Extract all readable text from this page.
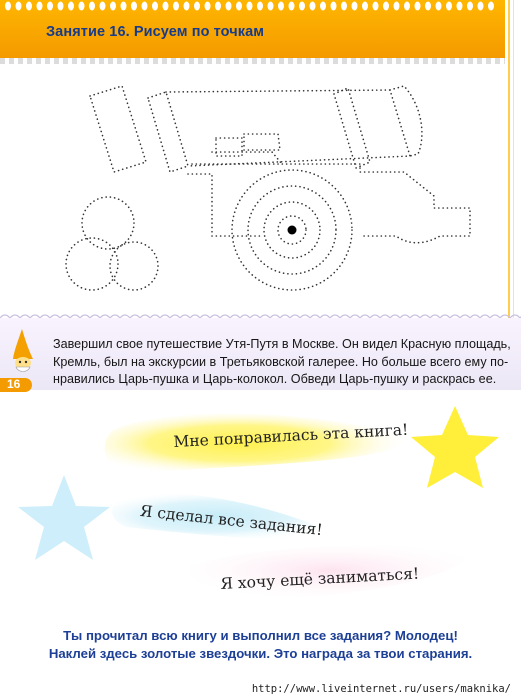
Занятие 16. Рисуем по точкам
16
Завершил свое путешествие Утя-Путя в Москве. Он видел Красную площадь,
Кремль, был на экскурсии в Третьяковской галерее. Но больше всего ему по-
нравились Царь-пушка и Царь-колокол. Обведи Царь-пушку и раскрась ее.
Мне понравилась эта книга!
Я сделал все задания!
Я хочу ещё заниматься!
Ты прочитал всю книгу и выполнил все задания? Молодец!
Наклей здесь золотые звездочки. Это награда за твои старания.
http://www.liveinternet.ru/users/maknika/
